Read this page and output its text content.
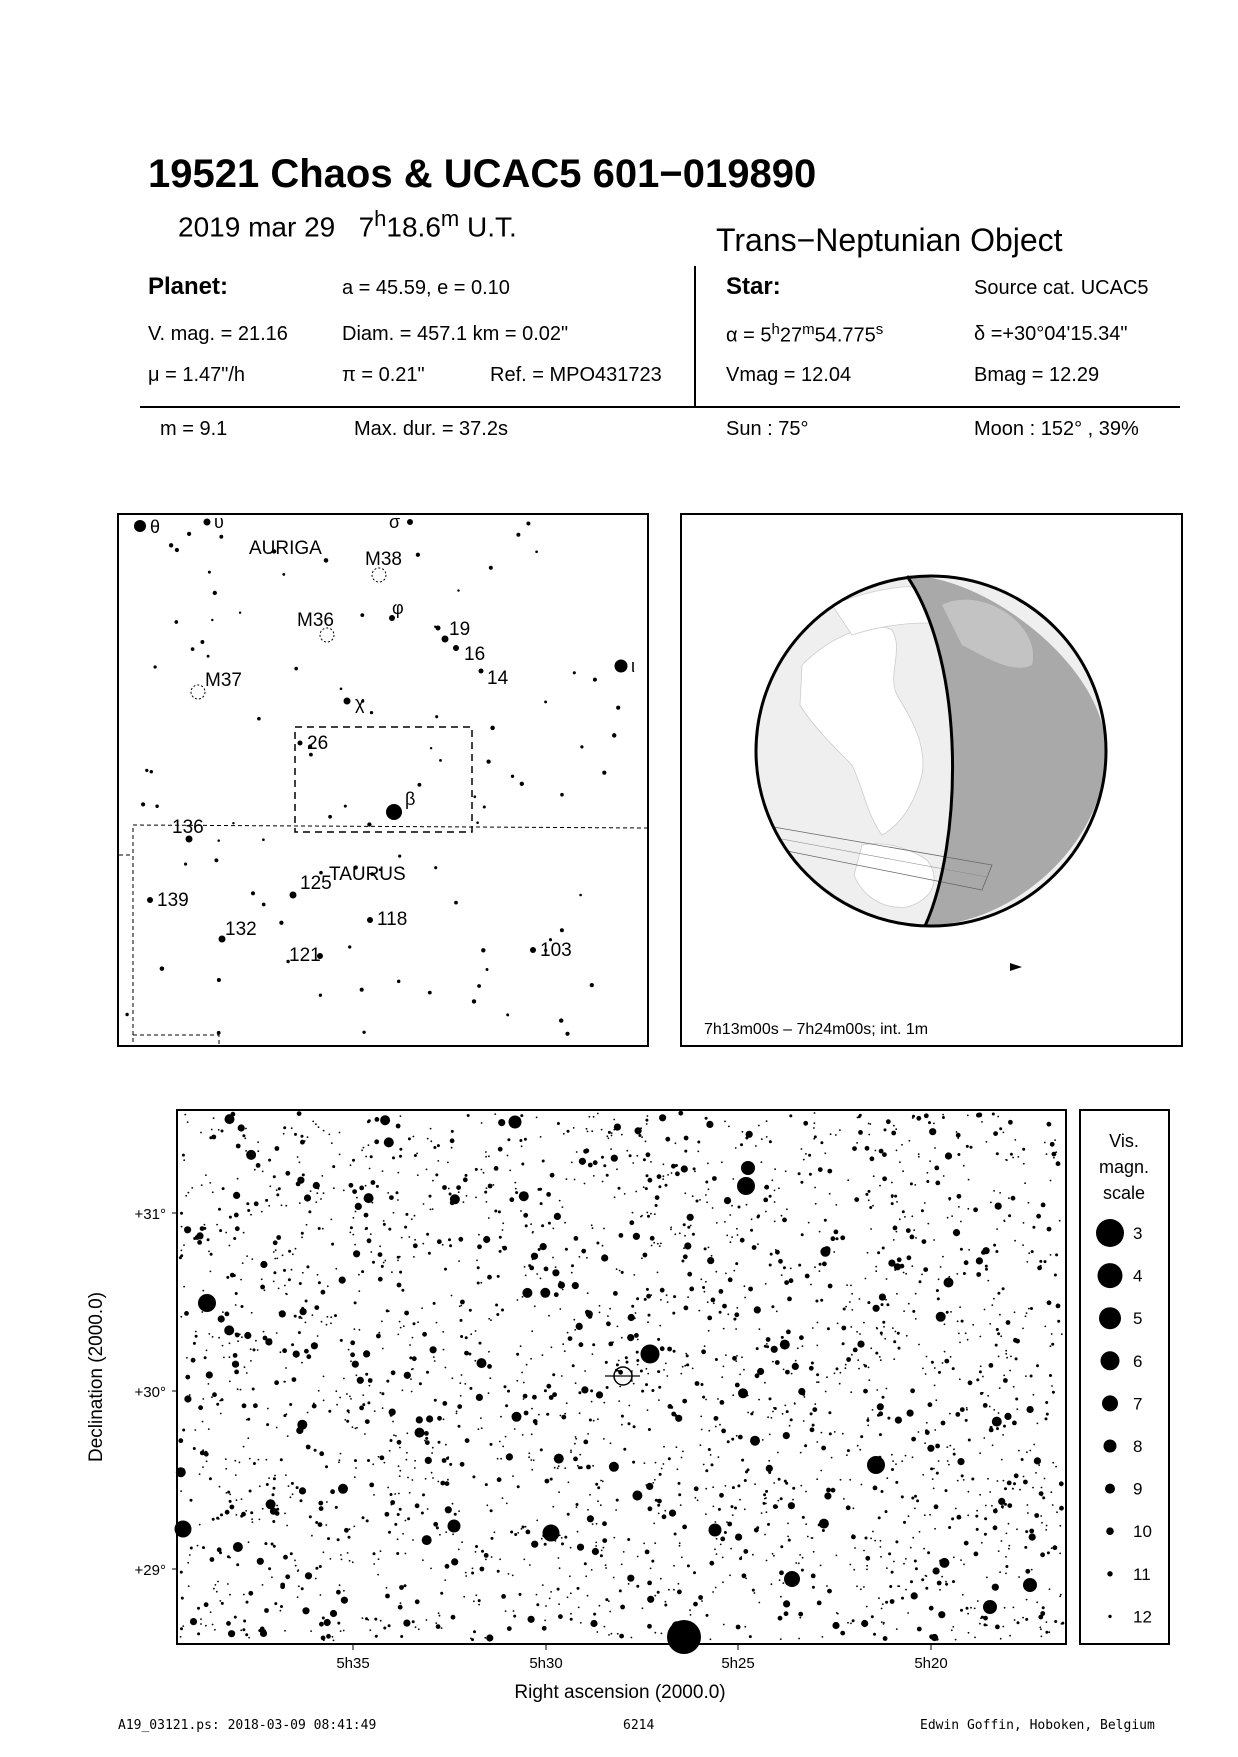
19521 Chaos & UCAC5 601−019890
2019 mar 29 7$^h$18.6$^m$ U.T.	Trans−Neptunian Object
Planet:	a = 45.59, e = 0.10
V. mag. = 21.16	Diam. = 457.1 km = 0.02"
μ = 1.47"/h	π = 0.21"	Ref. = MPO431723
Star:	Source cat. UCAC5
$\alpha = 5^h27^m54.775^s$	δ =+30°04'15.34"
Vmag = 12.04	Bmag = 12.29
m = 9.1	Max. dur. = 37.2s	Sun : 75°	Moon : 152° , 39%
M38
M36
M37
AURIGA
TAURUS
θ	υ	σ
φ
19
16
14
ι
χ
26
β
136
139
125
118
132
121	103
7h13m00s – 7h24m00s; int. 1m
+31°
+30°
+29°
5h35	5h30	5h25	5h20
Right ascension (2000.0)
Declination (2000.0)
Vis.
magn.
scale
3
4
5
6
7
8
9
10
11
12
A19_03121.ps: 2018-03-09 08:41:49	6214	Edwin Goffin, Hoboken, Belgium
